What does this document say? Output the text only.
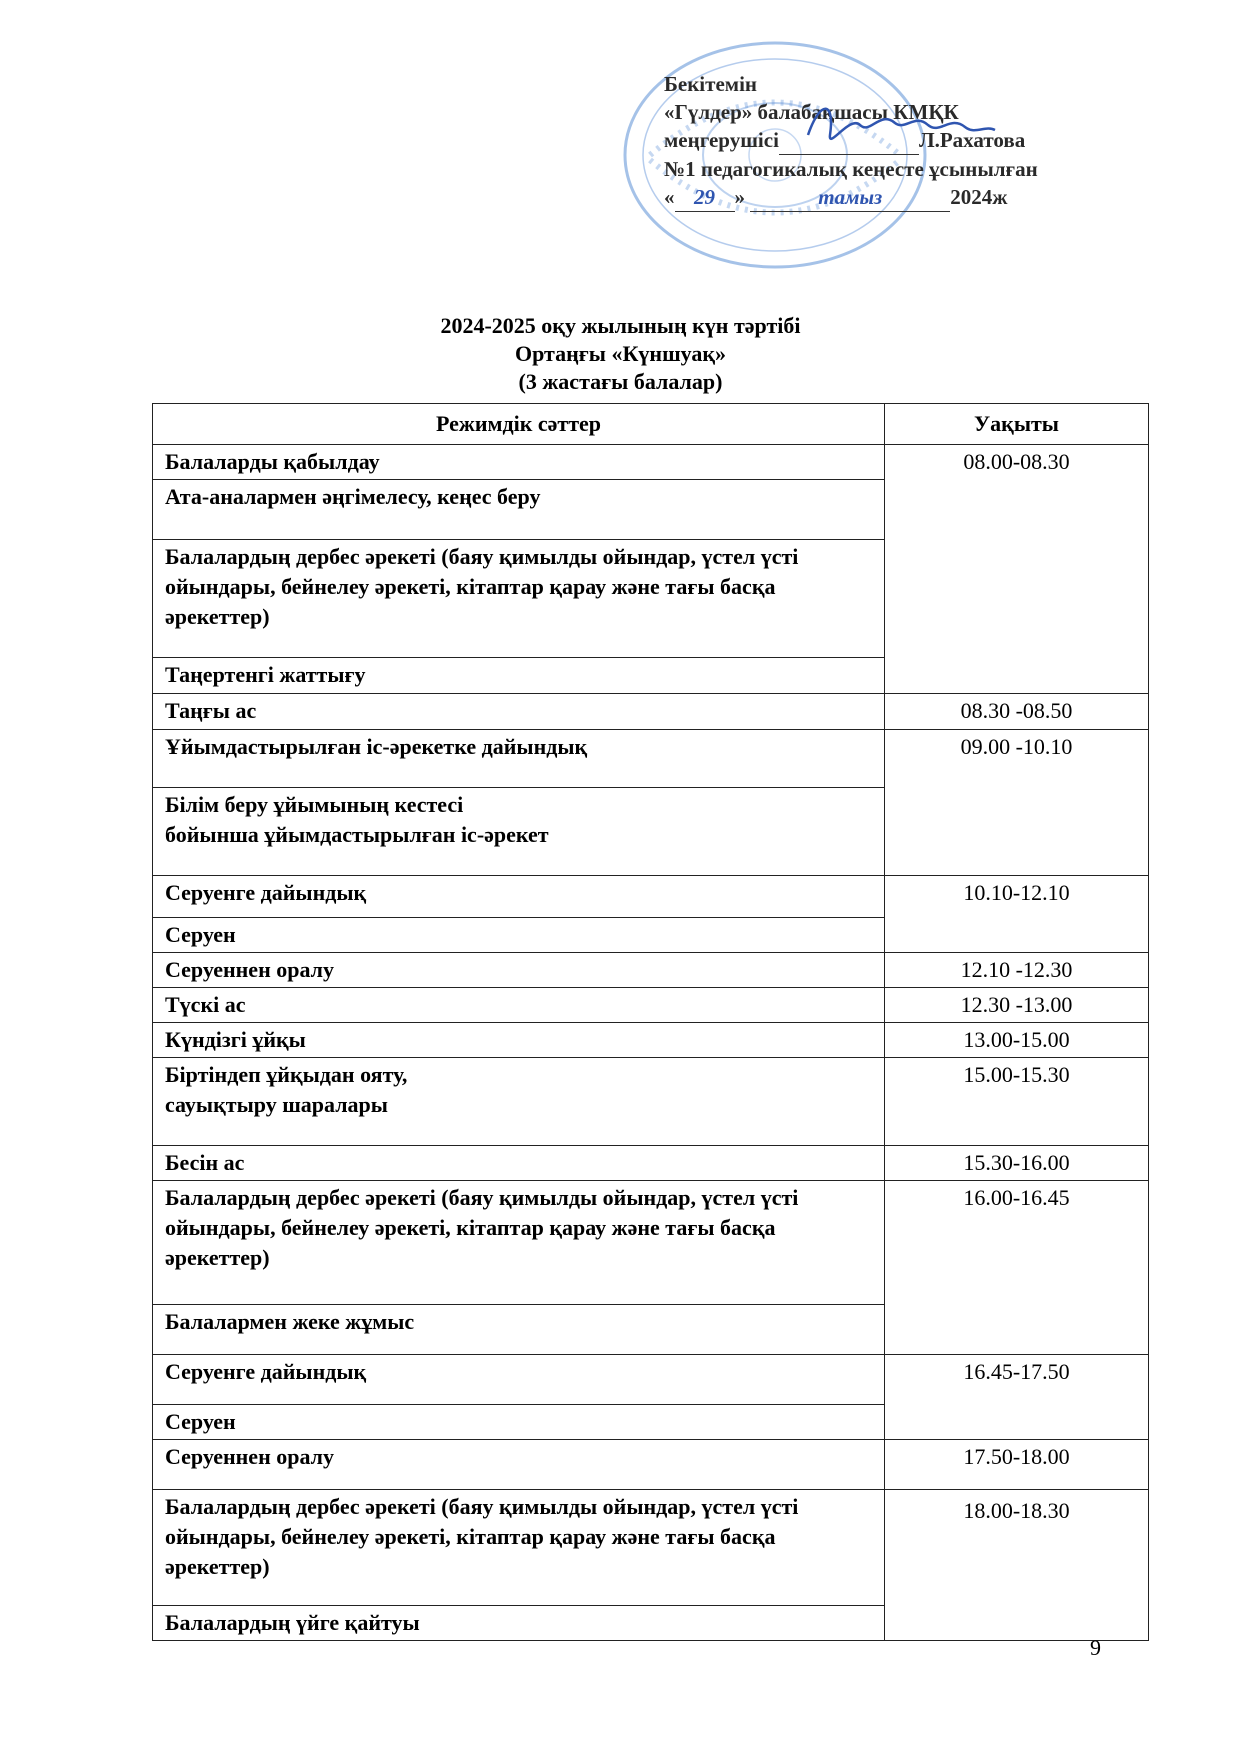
Бекітемін
«Гүлдер» балабақшасы КМҚК
меңгерушісі	Л.Рахатова
№1 педагогикалық кеңесте ұсынылған
« 29 »	тамыз	2024ж
2024-2025 оқу жылының күн тәртібі
Ортаңғы «Күншуақ»
(3 жастағы балалар)
Режимдік сәттер	Уақыты
Балаларды қабылдау	08.00-08.30
Ата-аналармен әңгімелесу, кеңес беру	
Балалардың дербес әрекеті (баяу қимылды ойындар, үстел үсті ойындары, бейнелеу әрекеті, кітаптар қарау және тағы басқа әрекеттер)	
Таңертенгі жаттығу	
Таңғы ас	08.30 -08.50
Ұйымдастырылған іс-әрекетке дайындық	09.00 -10.10

Білім беру ұйымының кестесі
бойынша ұйымдастырылған іс-әрекет	

Серуенге дайындық	10.10-12.10
Серуен	
Серуеннен оралу	12.10 -12.30
Түскі ас	12.30 -13.00
Күндізгі ұйқы	13.00-15.00

Біртіндеп ұйқыдан ояту,
сауықтыру шаралары	15.00-15.30
Бесін ас	15.30-16.00
Балалардың дербес әрекеті (баяу қимылды ойындар, үстел үсті ойындары, бейнелеу әрекеті, кітаптар қарау және тағы басқа әрекеттер)	16.00-16.45
Балалармен жеке жұмыс	
Серуенге дайындық	16.45-17.50
Серуен	
Серуеннен оралу	17.50-18.00
Балалардың дербес әрекеті (баяу қимылды ойындар, үстел үсті ойындары, бейнелеу әрекеті, кітаптар қарау және тағы басқа әрекеттер)	18.00-18.30
Балалардың үйге қайтуы	
9
